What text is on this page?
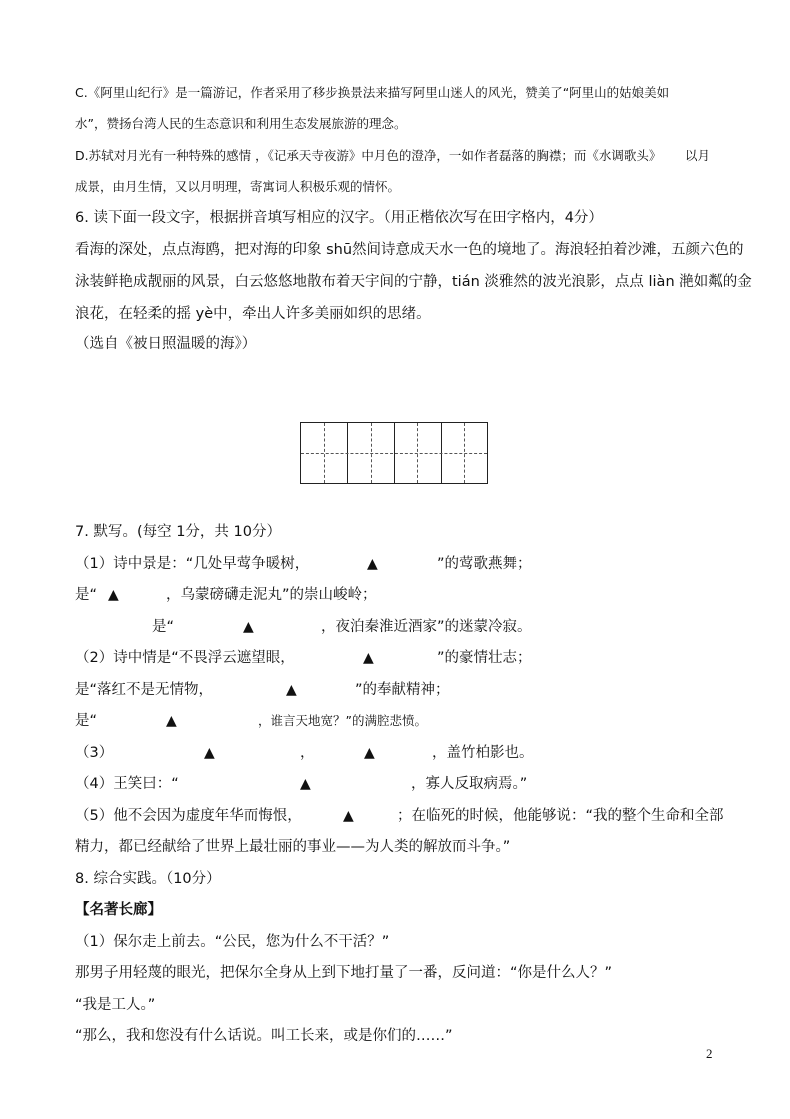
C.《阿里山纪行》是一篇游记，作者采用了移步换景法来描写阿里山迷人的风光，赞美了“阿里山的姑娘美如
水”，赞扬台湾人民的生态意识和利用生态发展旅游的理念。
D.苏轼对月光有一种特殊的感情 ，《记承天寺夜游》中月色的澄净，一如作者磊落的胸襟；而《水调歌头》 以月
成景，由月生情，又以月明理，寄寓词人积极乐观的情怀。
6. 读下面一段文字，根据拼音填写相应的汉字。（用正楷依次写在田字格内，4分）
看海的深处，点点海鸥，把对海的印象 shū然间诗意成天水一色的境地了。海浪轻拍着沙滩，五颜六色的
泳装鲜艳成靓丽的风景，白云悠悠地散布着天宇间的宁静，tián 淡雅然的波光浪影，点点 liàn 滟如粼的金
浪花，在轻柔的摇 yè中，牵出人许多美丽如织的思绪。
（选自《被日照温暖的海》）
7. 默写。(每空 1分，共 10分）
（1）诗中景是：“几处早莺争暖树，	▲	”的莺歌燕舞；
是“ ▲	，乌蒙磅礴走泥丸”的崇山峻岭；
是“	▲	，夜泊秦淮近酒家”的迷蒙冷寂。
（2）诗中情是“不畏浮云遮望眼，	▲	”的豪情壮志；
是“落红不是无情物，	▲	”的奉献精神；
是“	▲	，谁言天地宽？”的满腔悲愤。
（3）	▲	，	▲	，盖竹柏影也。
（4）王笑曰：“	▲	，寡人反取病焉。”
（5）他不会因为虚度年华而悔恨，	▲	；在临死的时候，他能够说：“我的整个生命和全部
精力，都已经献给了世界上最壮丽的事业——为人类的解放而斗争。”
8. 综合实践。（10分）
【名著长廊】
（1）保尔走上前去。“公民，您为什么不干活？”
那男子用轻蔑的眼光，把保尔全身从上到下地打量了一番，反问道：“你是什么人？”
“我是工人。”
“那么，我和您没有什么话说。叫工长来，或是你们的……”
2
